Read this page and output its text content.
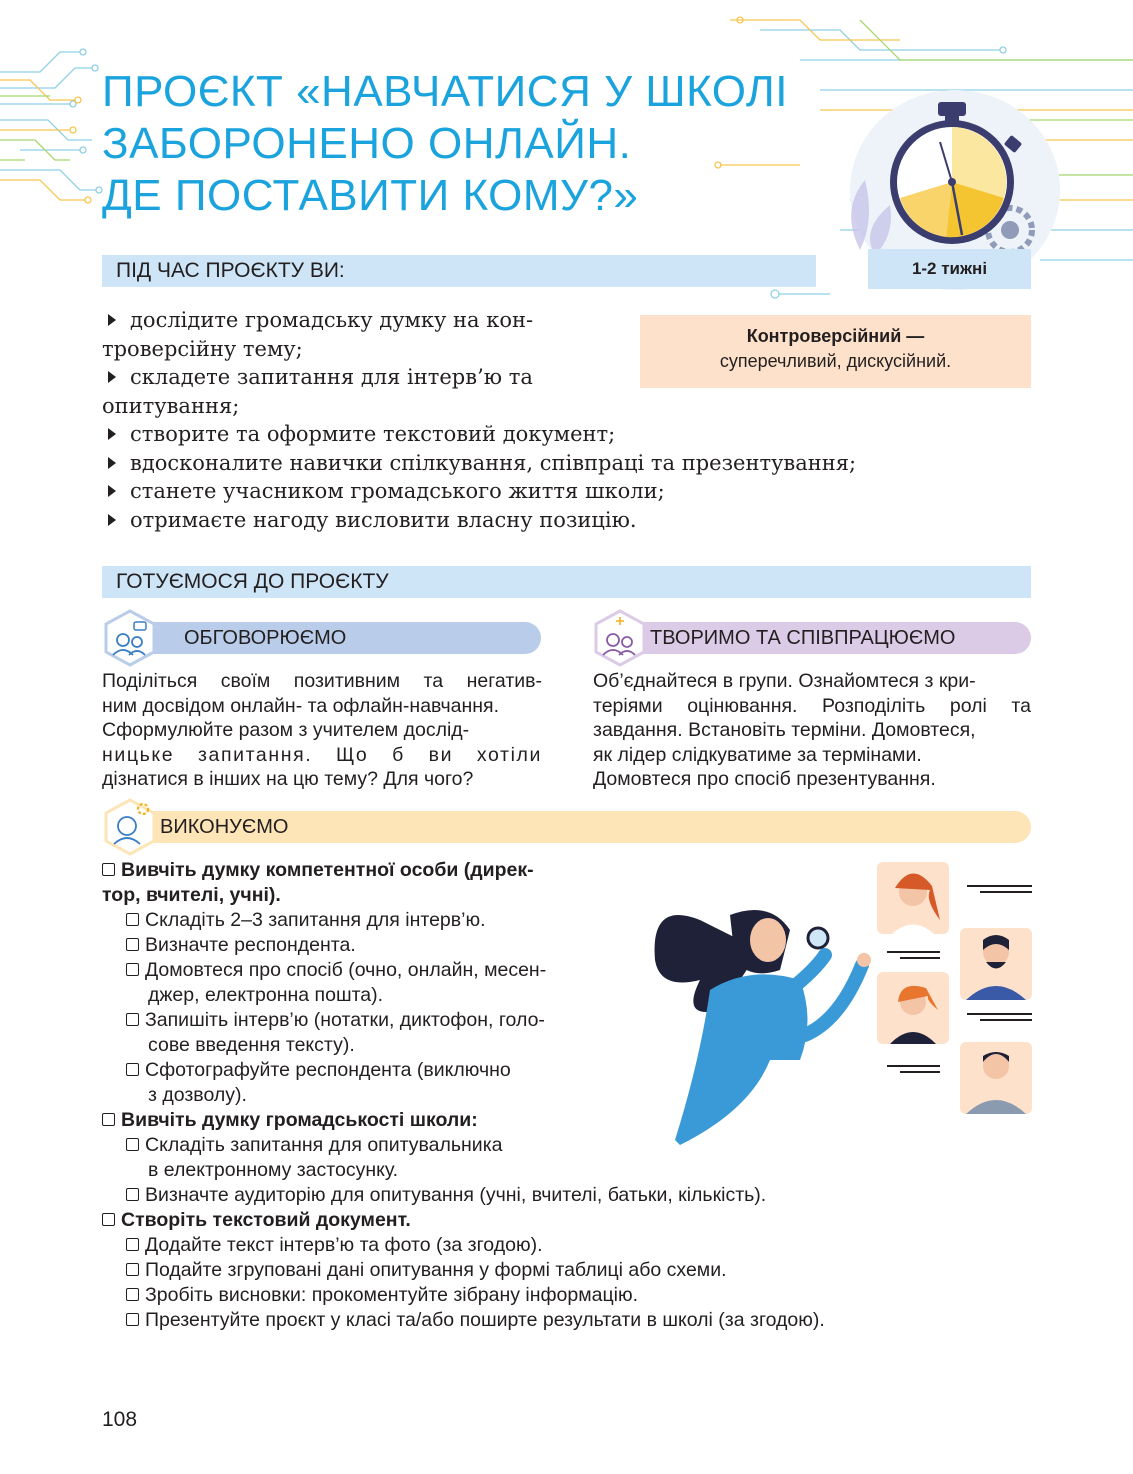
ПРОЄКТ «НАВЧАТИСЯ У ШКОЛІ
ЗАБОРОНЕНО ОНЛАЙН.
ДЕ ПОСТАВИТИ КОМУ?»
ПІД ЧАС ПРОЄКТУ ВИ:	1-2 тижні
Контроверсійний —
суперечливий, дискусійний.
дослідите громадську думку на кон-
троверсійну тему;
складете запитання для інтерв’ю та
опитування;
створите та оформите текстовий документ;
вдосконалите навички спілкування, співпраці та презентування;
станете учасником громадського життя школи;
отримаєте нагоду висловити власну позицію.
ГОТУЄМОСЯ ДО ПРОЄКТУ
ОБГОВОРЮЄМО
Поділіться своїм позитивним та негатив-
ним досвідом онлайн- та офлайн-навчання.
Сформулюйте разом з учителем дослід-
ницьке запитання. Що б ви хотіли
дізнатися в інших на цю тему? Для чого?
ТВОРИМО ТА СПІВПРАЦЮЄМО
Об’єднайтеся в групи. Ознайомтеся з кри-
теріями оцінювання. Розподіліть ролі та
завдання. Встановіть терміни. Домовтеся,
як лідер слідкуватиме за термінами.
Домовтеся про спосіб презентування.
ВИКОНУЄМО
Вивчіть думку компетентної особи (дирек-
тор, вчителі, учні).
Складіть 2–3 запитання для інтерв’ю.
Визначте респондента.
Домовтеся про спосіб (очно, онлайн, месен-
джер, електронна пошта).
Запишіть інтерв’ю (нотатки, диктофон, голо-
сове введення тексту).
Сфотографуйте респондента (виключно
з дозволу).
Вивчіть думку громадськості школи:
Складіть запитання для опитувальника
в електронному застосунку.
Визначте аудиторію для опитування (учні, вчителі, батьки, кількість).
Створіть текстовий документ.
Додайте текст інтерв’ю та фото (за згодою).
Подайте згруповані дані опитування у формі таблиці або схеми.
Зробіть висновки: прокоментуйте зібрану інформацію.
Презентуйте проєкт у класі та/або поширте результати в школі (за згодою).
108
